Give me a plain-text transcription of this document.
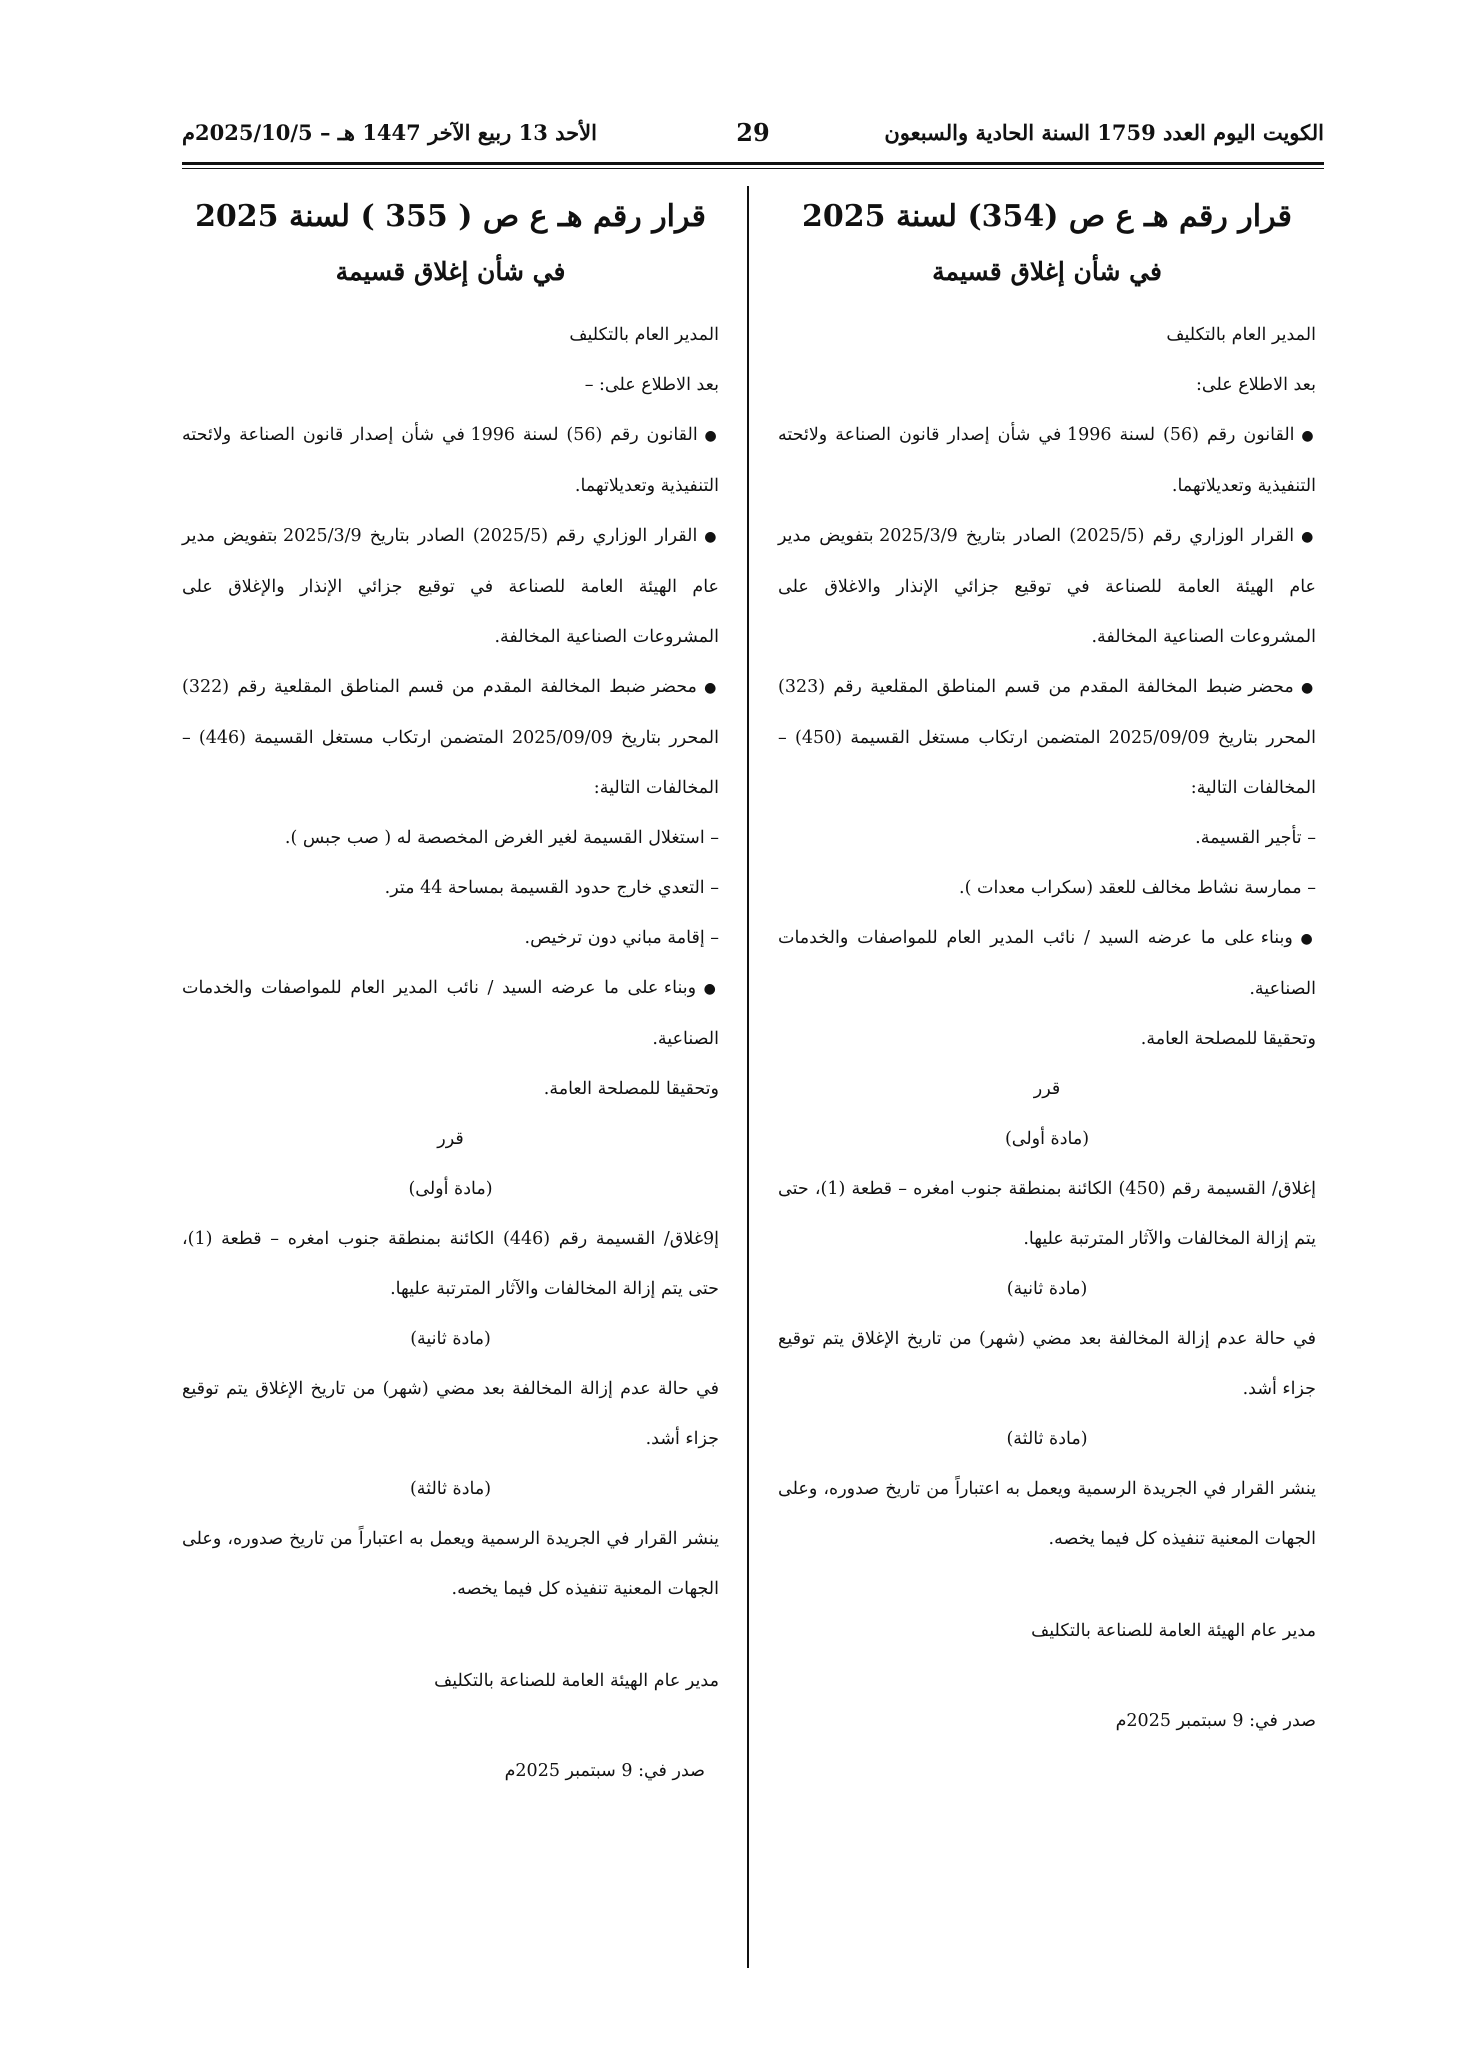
الكويت اليوم العدد 1759 السنة الحادية والسبعون
29
الأحد 13 ربيع الآخر 1447 هـ – 2025/10/5م
قرار رقم هـ ع ص (354) لسنة 2025
في شأن إغلاق قسيمة

المدير العام بالتكليف

بعد الاطلاع على:

● القانون رقم (56) لسنة 1996 في شأن إصدار قانون الصناعة ولائحته التنفيذية وتعديلاتهما.

● القرار الوزاري رقم (2025/5) الصادر بتاريخ 2025/3/9 بتفويض مدير عام الهيئة العامة للصناعة في توقيع جزائي الإنذار والاغلاق على المشروعات الصناعية المخالفة.

● محضر ضبط المخالفة المقدم من قسم المناطق المقلعية رقم (323) المحرر بتاريخ 2025/09/09 المتضمن ارتكاب مستغل القسيمة (450) – المخالفات التالية:

– تأجير القسيمة.

– ممارسة نشاط مخالف للعقد (سكراب معدات ).

● وبناء على ما عرضه السيد / نائب المدير العام للمواصفات والخدمات الصناعية.

وتحقيقا للمصلحة العامة.

قرر

(مادة أولى)

إغلاق/ القسيمة رقم (450) الكائنة بمنطقة جنوب امغره – قطعة (1)، حتى يتم إزالة المخالفات والآثار المترتبة عليها.

(مادة ثانية)

في حالة عدم إزالة المخالفة بعد مضي (شهر) من تاريخ الإغلاق يتم توقيع جزاء أشد.

(مادة ثالثة)

ينشر القرار في الجريدة الرسمية ويعمل به اعتباراً من تاريخ صدوره، وعلى الجهات المعنية تنفيذه كل فيما يخصه.

مدير عام الهيئة العامة للصناعة بالتكليف

صدر في: 9 سبتمبر 2025م

قرار رقم هـ ع ص ( 355 ) لسنة 2025
في شأن إغلاق قسيمة

المدير العام بالتكليف

بعد الاطلاع على: –

● القانون رقم (56) لسنة 1996 في شأن إصدار قانون الصناعة ولائحته التنفيذية وتعديلاتهما.

● القرار الوزاري رقم (2025/5) الصادر بتاريخ 2025/3/9 بتفويض مدير عام الهيئة العامة للصناعة في توقيع جزائي الإنذار والإغلاق على المشروعات الصناعية المخالفة.

● محضر ضبط المخالفة المقدم من قسم المناطق المقلعية رقم (322) المحرر بتاريخ 2025/09/09 المتضمن ارتكاب مستغل القسيمة (446) – المخالفات التالية:

– استغلال القسيمة لغير الغرض المخصصة له ( صب جبس ).

– التعدي خارج حدود القسيمة بمساحة 44 متر.

– إقامة مباني دون ترخيص.

● وبناء على ما عرضه السيد / نائب المدير العام للمواصفات والخدمات الصناعية.

وتحقيقا للمصلحة العامة.

قرر

(مادة أولى)

إ9غلاق/ القسيمة رقم (446) الكائنة بمنطقة جنوب امغره – قطعة (1)، حتى يتم إزالة المخالفات والآثار المترتبة عليها.

(مادة ثانية)

في حالة عدم إزالة المخالفة بعد مضي (شهر) من تاريخ الإغلاق يتم توقيع جزاء أشد.

(مادة ثالثة)

ينشر القرار في الجريدة الرسمية ويعمل به اعتباراً من تاريخ صدوره، وعلى الجهات المعنية تنفيذه كل فيما يخصه.

مدير عام الهيئة العامة للصناعة بالتكليف

صدر في: 9 سبتمبر 2025م
